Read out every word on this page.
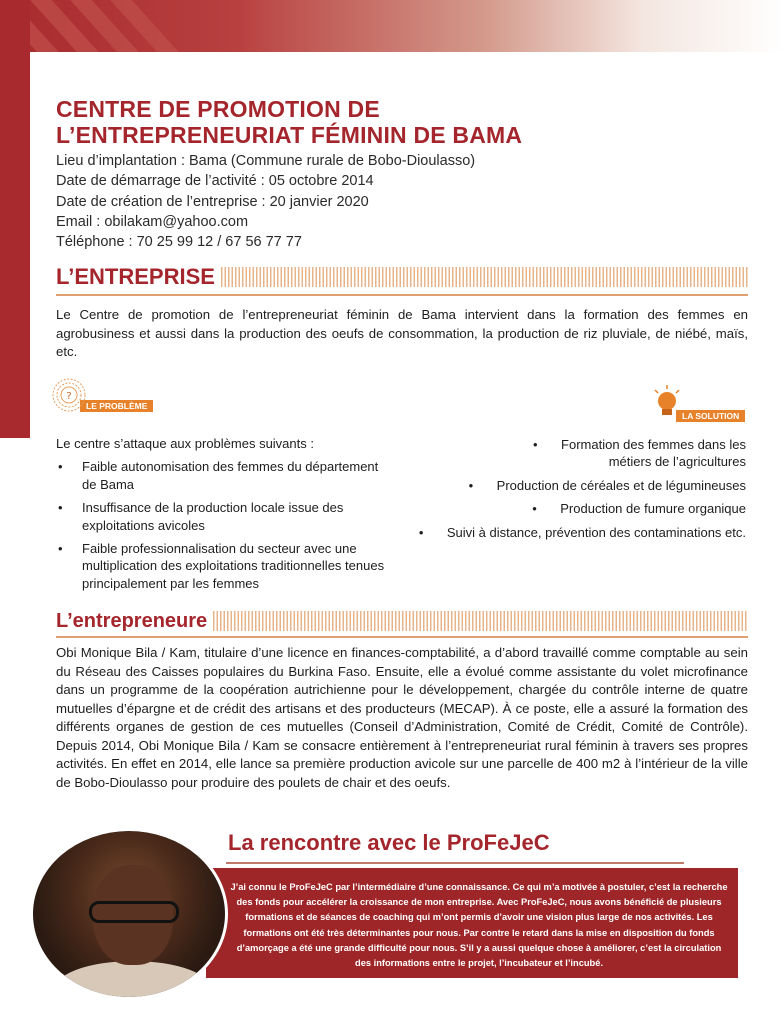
CENTRE DE PROMOTION DE
L’ENTREPRENEURIAT FÉMININ DE BAMA
Lieu d’implantation : Bama (Commune rurale de Bobo-Dioulasso)
Date de démarrage de l’activité : 05 octobre 2014
Date de création de l’entreprise : 20 janvier 2020
Email : obilakam@yahoo.com
Téléphone : 70 25 99 12 / 67 56 77 77
L’ENTREPRISE

Le Centre de promotion de l’entrepreneuriat féminin de Bama intervient dans la formation des femmes en agrobusiness et aussi dans la production des oeufs de consommation, la production de riz pluviale, de niébé, maïs, etc.

?
LE PROBLÈME
LA SOLUTION

Le centre s’attaque aux problèmes suivants :

• Faible autonomisation des femmes du département de Bama
• Insuffisance de la production locale issue des exploitations avicoles
• Faible professionnalisation du secteur avec une multiplication des exploitations traditionnelles tenues principalement par les femmes
• Formation des femmes dans les métiers de l’agricultures
• Production de céréales et de légumineuses
• Production de fumure organique
• Suivi à distance, prévention des contaminations etc.
L’entrepreneure

Obi Monique Bila / Kam, titulaire d’une licence en finances-comptabilité, a d’abord travaillé comme comptable au sein du Réseau des Caisses populaires du Burkina Faso. Ensuite, elle a évolué comme assistante du volet microfinance dans un programme de la coopération autrichienne pour le développement, chargée du contrôle interne de quatre mutuelles d’épargne et de crédit des artisans et des producteurs (MECAP). À ce poste, elle a assuré la formation des différents organes de gestion de ces mutuelles (Conseil d’Administration, Comité de Crédit, Comité de Contrôle). Depuis 2014, Obi Monique Bila / Kam se consacre entièrement à l’entrepreneuriat rural féminin à travers ses propres activités. En effet en 2014, elle lance sa première production avicole sur une parcelle de 400 m2 à l’intérieur de la ville de Bobo-Dioulasso pour produire des poulets de chair et des oeufs.

La rencontre avec le ProFeJeC

J’ai connu le ProFeJeC par l’intermédiaire d’une connaissance. Ce qui m’a motivée à postuler, c’est la recherche des fonds pour accélérer la croissance de mon entreprise. Avec ProFeJeC, nous avons bénéficié de plusieurs formations et de séances de coaching qui m’ont permis d’avoir une vision plus large de nos activités. Les formations ont été très déterminantes pour nous. Par contre le retard dans la mise en disposition du fonds d’amorçage a été une grande difficulté pour nous. S’il y a aussi quelque chose à améliorer, c’est la circulation des informations entre le projet, l’incubateur et l’incubé.
